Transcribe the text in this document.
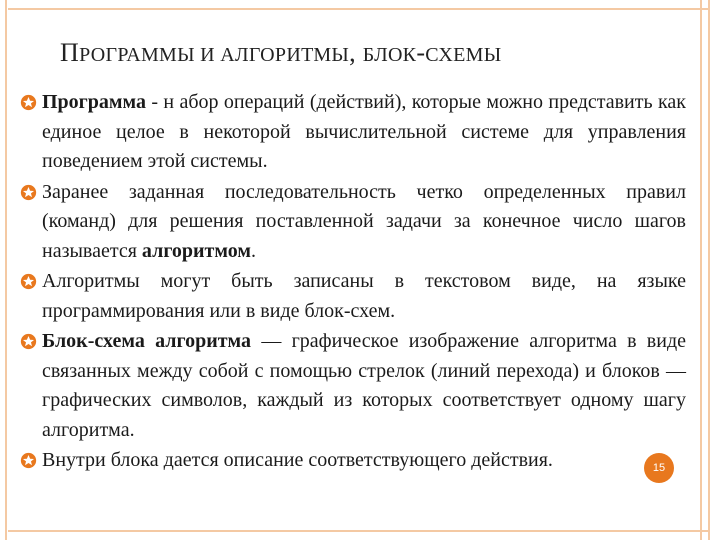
ПРОГРАММЫ И АЛГОРИТМЫ, БЛОК-СХЕМЫ
Программа - н абор операций (действий), которые можно представить как единое целое в некоторой вычислительной системе для управления поведением этой системы.
Заранее заданная последовательность четко определенных правил (команд) для решения поставленной задачи за конечное число шагов называется алгоритмом.
Алгоритмы могут быть записаны в текстовом виде, на языке программирования или в виде блок-схем.
Блок-схема алгоритма — графическое изображение алгоритма в виде связанных между собой с помощью стрелок (линий перехода) и блоков — графических символов, каждый из которых соответствует одному шагу алгоритма.
Внутри блока дается описание соответствующего действия.	15
